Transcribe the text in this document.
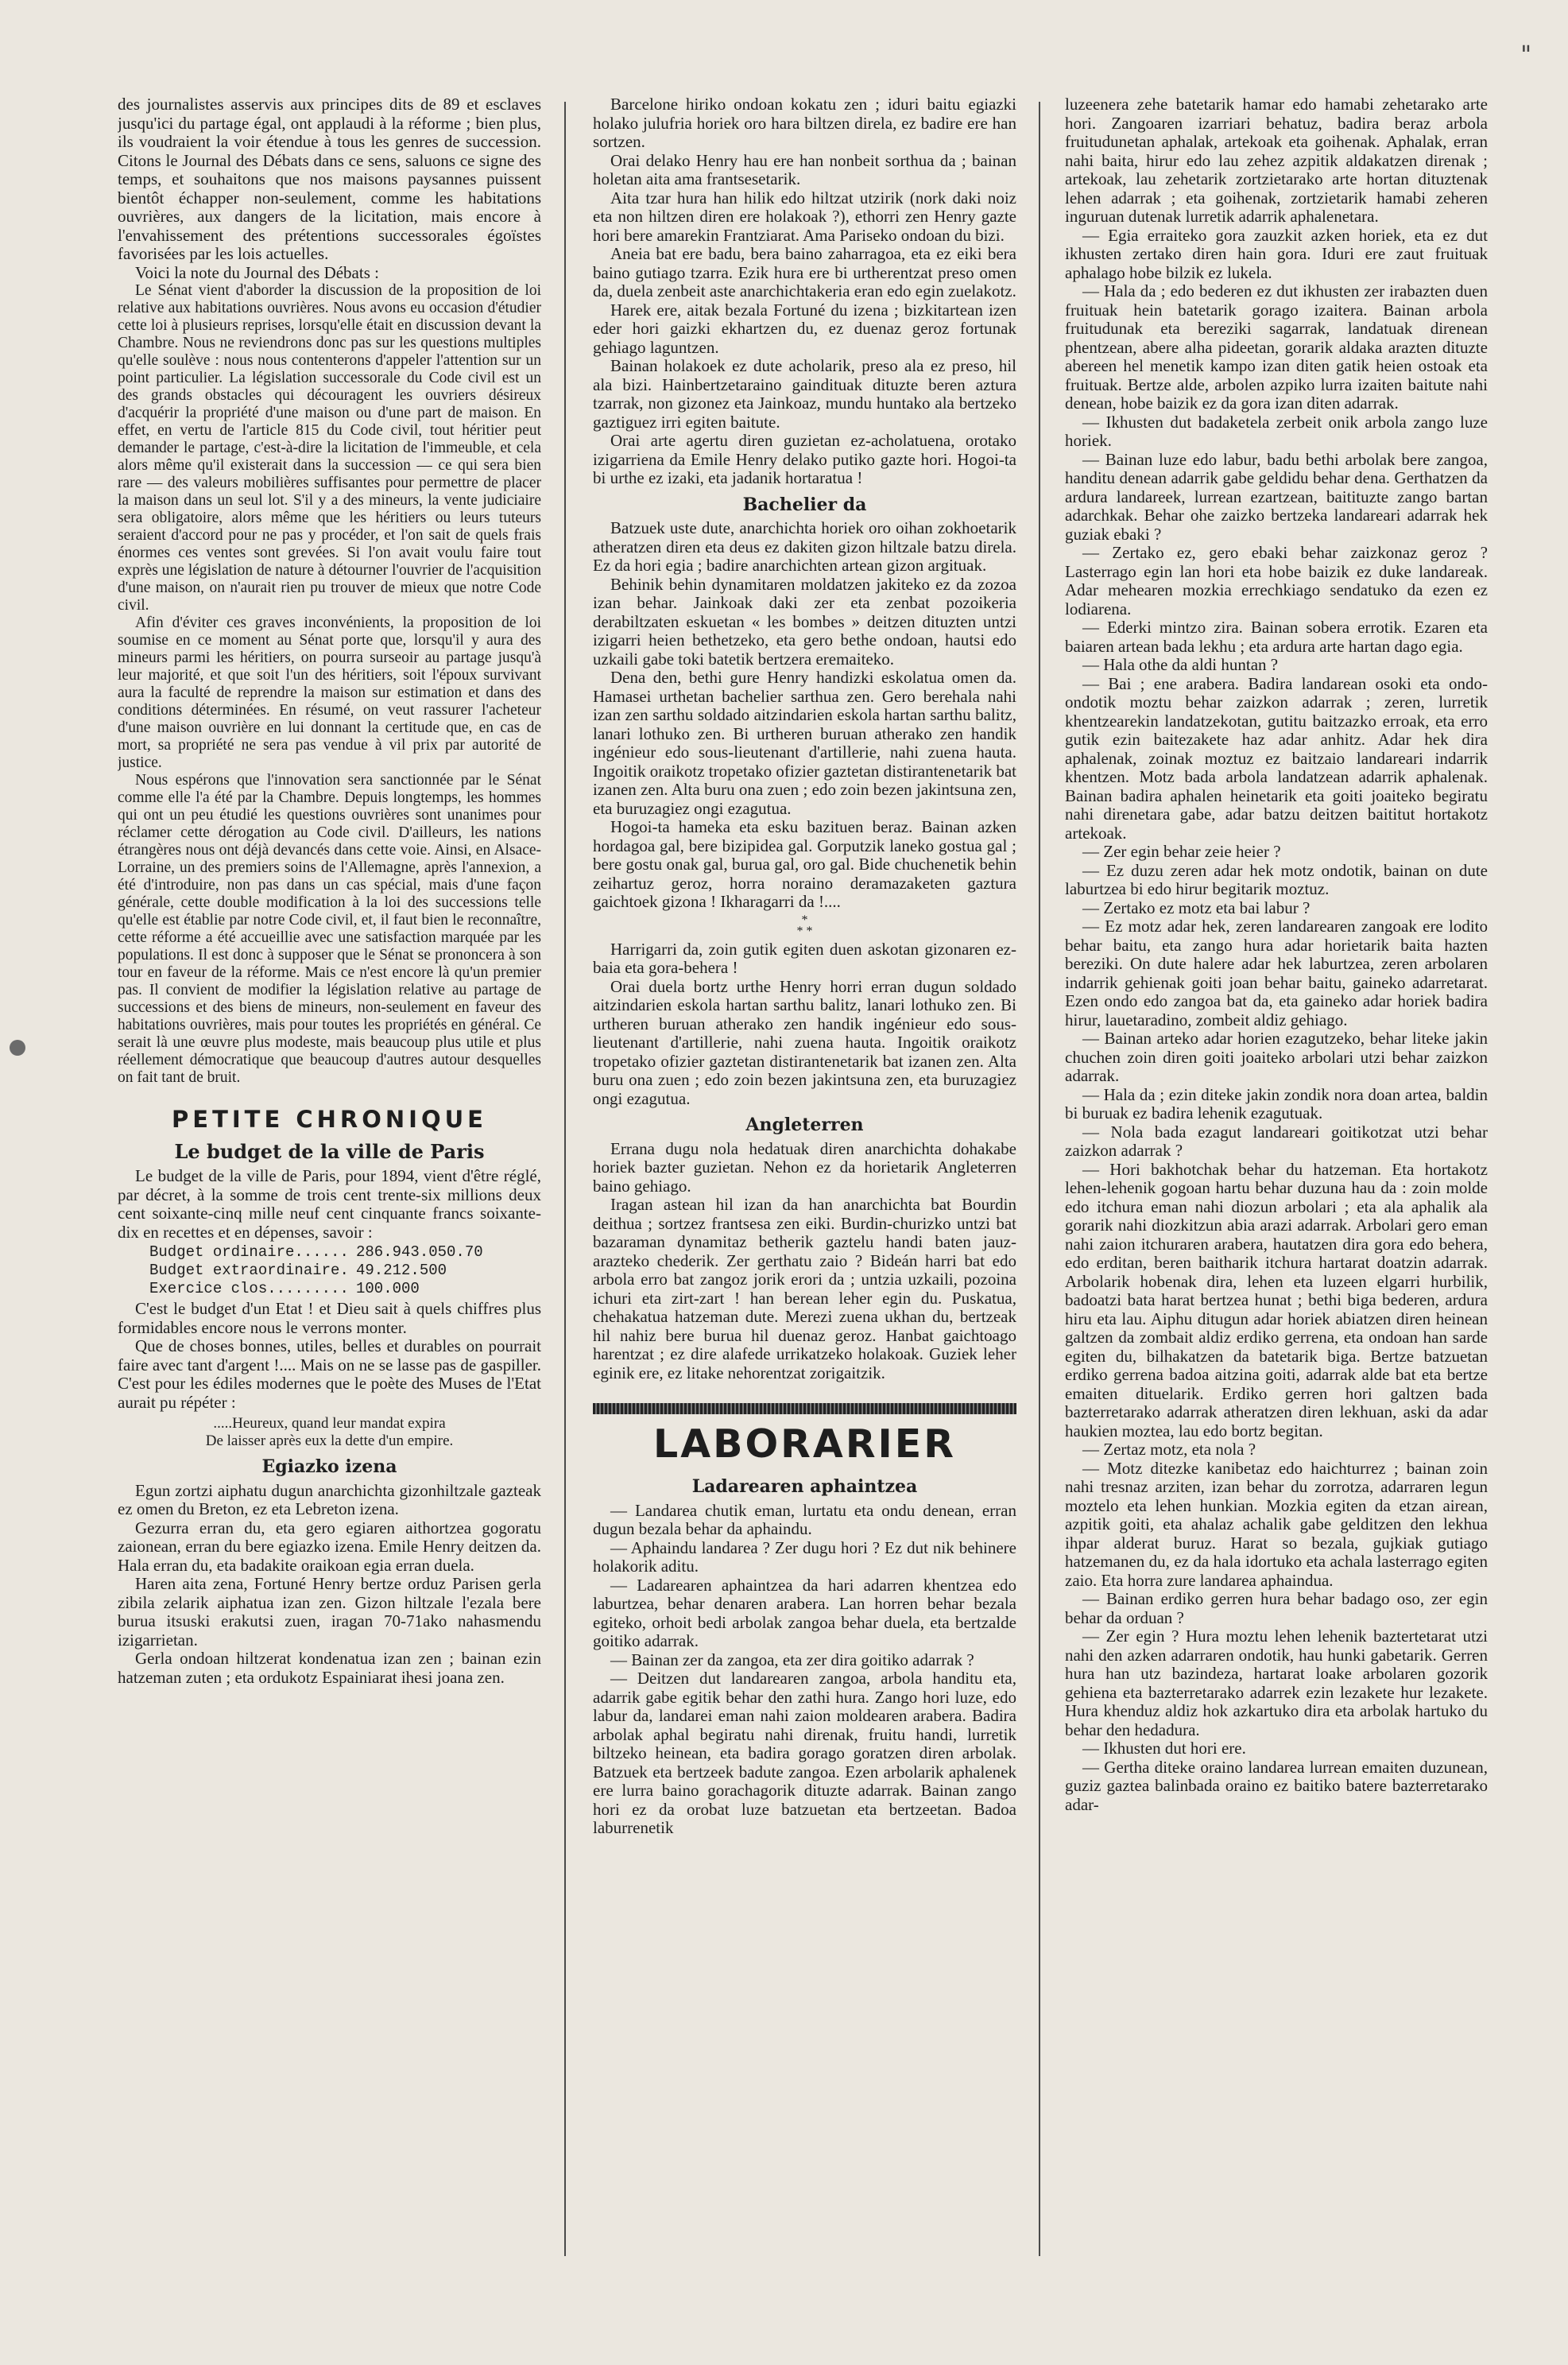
"

des journalistes asservis aux principes dits de 89 et esclaves jusqu'ici du partage égal, ont applaudi à la réforme ; bien plus, ils voudraient la voir étendue à tous les genres de succession. Citons le Journal des Débats dans ce sens, saluons ce signe des temps, et souhaitons que nos maisons paysannes puissent bientôt échapper non-seulement, comme les habitations ouvrières, aux dangers de la licitation, mais encore à l'envahissement des prétentions successorales égoïstes favorisées par les lois actuelles.

Voici la note du Journal des Débats :

Le Sénat vient d'aborder la discussion de la proposition de loi relative aux habitations ouvrières. Nous avons eu occasion d'étudier cette loi à plusieurs reprises, lorsqu'elle était en discussion devant la Chambre. Nous ne reviendrons donc pas sur les questions multiples qu'elle soulève : nous nous contenterons d'appeler l'attention sur un point particulier. La législation successorale du Code civil est un des grands obstacles qui découragent les ouvriers désireux d'acquérir la propriété d'une maison ou d'une part de maison. En effet, en vertu de l'article 815 du Code civil, tout héritier peut demander le partage, c'est-à-dire la licitation de l'immeuble, et cela alors même qu'il existerait dans la succession — ce qui sera bien rare — des valeurs mobilières suffisantes pour permettre de placer la maison dans un seul lot. S'il y a des mineurs, la vente judiciaire sera obligatoire, alors même que les héritiers ou leurs tuteurs seraient d'accord pour ne pas y procéder, et l'on sait de quels frais énormes ces ventes sont grevées. Si l'on avait voulu faire tout exprès une législation de nature à détourner l'ouvrier de l'acquisition d'une maison, on n'aurait rien pu trouver de mieux que notre Code civil.

Afin d'éviter ces graves inconvénients, la proposition de loi soumise en ce moment au Sénat porte que, lorsqu'il y aura des mineurs parmi les héritiers, on pourra surseoir au partage jusqu'à leur majorité, et que soit l'un des héritiers, soit l'époux survivant aura la faculté de reprendre la maison sur estimation et dans des conditions déterminées. En résumé, on veut rassurer l'acheteur d'une maison ouvrière en lui donnant la certitude que, en cas de mort, sa propriété ne sera pas vendue à vil prix par autorité de justice.

Nous espérons que l'innovation sera sanctionnée par le Sénat comme elle l'a été par la Chambre. Depuis longtemps, les hommes qui ont un peu étudié les questions ouvrières sont unanimes pour réclamer cette dérogation au Code civil. D'ailleurs, les nations étrangères nous ont déjà devancés dans cette voie. Ainsi, en Alsace-Lorraine, un des premiers soins de l'Allemagne, après l'annexion, a été d'introduire, non pas dans un cas spécial, mais d'une façon générale, cette double modification à la loi des successions telle qu'elle est établie par notre Code civil, et, il faut bien le reconnaître, cette réforme a été accueillie avec une satisfaction marquée par les populations. Il est donc à supposer que le Sénat se prononcera à son tour en faveur de la réforme. Mais ce n'est encore là qu'un premier pas. Il convient de modifier la législation relative au partage de successions et des biens de mineurs, non-seulement en faveur des habitations ouvrières, mais pour toutes les propriétés en général. Ce serait là une œuvre plus modeste, mais beaucoup plus utile et plus réellement démocratique que beaucoup d'autres autour desquelles on fait tant de bruit.

PETITE CHRONIQUE
Le budget de la ville de Paris

Le budget de la ville de Paris, pour 1894, vient d'être réglé, par décret, à la somme de trois cent trente-six millions deux cent soixante-cinq mille neuf cent cinquante francs soixante-dix en recettes et en dépenses, savoir :

Budget ordinaire...... 286.943.050.70
Budget extraordinaire. 49.212.500
Exercice clos......... 100.000

C'est le budget d'un Etat ! et Dieu sait à quels chiffres plus formidables encore nous le verrons monter.

Que de choses bonnes, utiles, belles et durables on pourrait faire avec tant d'argent !.... Mais on ne se lasse pas de gaspiller. C'est pour les édiles modernes que le poète des Muses de l'Etat aurait pu répéter :

.....Heureux, quand leur mandat expira
De laisser après eux la dette d'un empire.
Egiazko izena

Egun zortzi aiphatu dugun anarchichta gizonhiltzale gazteak ez omen du Breton, ez eta Lebreton izena.

Gezurra erran du, eta gero egiaren aithortzea gogoratu zaionean, erran du bere egiazko izena. Emile Henry deitzen da. Hala erran du, eta badakite oraikoan egia erran duela.

Haren aita zena, Fortuné Henry bertze orduz Parisen gerla zibila zelarik aiphatua izan zen. Gizon hiltzale l'ezala bere burua itsuski erakutsi zuen, iragan 70-71ako nahasmendu izigarrietan.

Gerla ondoan hiltzerat kondenatua izan zen ; bainan ezin hatzeman zuten ; eta ordukotz Espainiarat ihesi joana zen.

Barcelone hiriko ondoan kokatu zen ; iduri baitu egiazki holako julufria horiek oro hara biltzen direla, ez badire ere han sortzen.

Orai delako Henry hau ere han nonbeit sorthua da ; bainan holetan aita ama frantsesetarik.

Aita tzar hura han hilik edo hiltzat utzirik (nork daki noiz eta non hiltzen diren ere holakoak ?), ethorri zen Henry gazte hori bere amarekin Frantziarat. Ama Pariseko ondoan du bizi.

Aneia bat ere badu, bera baino zaharragoa, eta ez eiki bera baino gutiago tzarra. Ezik hura ere bi urtherentzat preso omen da, duela zenbeit aste anarchichtakeria eran edo egin zuelakotz.

Harek ere, aitak bezala Fortuné du izena ; bizkitartean izen eder hori gaizki ekhartzen du, ez duenaz geroz fortunak gehiago laguntzen.

Bainan holakoek ez dute acholarik, preso ala ez preso, hil ala bizi. Hainbertzetaraino gaindituak dituzte beren aztura tzarrak, non gizonez eta Jainkoaz, mundu huntako ala bertzeko gaztiguez irri egiten baitute.

Orai arte agertu diren guzietan ez-acholatuena, orotako izigarriena da Emile Henry delako putiko gazte hori. Hogoi-ta bi urthe ez izaki, eta jadanik hortaratua !

Bachelier da

Batzuek uste dute, anarchichta horiek oro oihan zokhoetarik atheratzen diren eta deus ez dakiten gizon hiltzale batzu direla. Ez da hori egia ; badire anarchichten artean gizon argituak.

Behinik behin dynamitaren moldatzen jakiteko ez da zozoa izan behar. Jainkoak daki zer eta zenbat pozoikeria derabiltzaten eskuetan « les bombes » deitzen dituzten untzi izigarri heien bethetzeko, eta gero bethe ondoan, hautsi edo uzkaili gabe toki batetik bertzera eremaiteko.

Dena den, bethi gure Henry handizki eskolatua omen da. Hamasei urthetan bachelier sarthua zen. Gero berehala nahi izan zen sarthu soldado aitzindarien eskola hartan sarthu balitz, lanari lothuko zen. Bi urtheren buruan atherako zen handik ingénieur edo sous-lieutenant d'artillerie, nahi zuena hauta. Ingoitik oraikotz tropetako ofizier gaztetan distirantenetarik bat izanen zen. Alta buru ona zuen ; edo zoin bezen jakintsuna zen, eta buruzagiez ongi ezagutua.

Hogoi-ta hameka eta esku bazituen beraz. Bainan azken hordagoa gal, bere bizipidea gal. Gorputzik laneko gostua gal ; bere gostu onak gal, burua gal, oro gal. Bide chuchenetik behin zeihartuz geroz, horra noraino deramazaketen gaztura gaichtoek gizona ! Ikharagarri da !....

*
* *

Harrigarri da, zoin gutik egiten duen askotan gizonaren ez-baia eta gora-behera !

Orai duela bortz urthe Henry horri erran dugun soldado aitzindarien eskola hartan sarthu balitz, lanari lothuko zen. Bi urtheren buruan atherako zen handik ingénieur edo sous-lieutenant d'artillerie, nahi zuena hauta. Ingoitik oraikotz tropetako ofizier gaztetan distirantenetarik bat izanen zen. Alta buru ona zuen ; edo zoin bezen jakintsuna zen, eta buruzagiez ongi ezagutua.

Angleterren

Errana dugu nola hedatuak diren anarchichta dohakabe horiek bazter guzietan. Nehon ez da horietarik Angleterren baino gehiago.

Iragan astean hil izan da han anarchichta bat Bourdin deithua ; sortzez frantsesa zen eiki. Burdin-churizko untzi bat bazaraman dynamitaz betherik gaztelu handi baten jauz-arazteko chederik. Zer gerthatu zaio ? Bideán harri bat edo arbola erro bat zangoz jorik erori da ; untzia uzkaili, pozoina ichuri eta zirt-zart ! han berean leher egin du. Puskatua, chehakatua hatzeman dute. Merezi zuena ukhan du, bertzeak hil nahiz bere burua hil duenaz geroz. Hanbat gaichtoago harentzat ; ez dire alafede urrikatzeko holakoak. Guziek leher eginik ere, ez litake nehorentzat zorigaitzik.

LABORARIER
Ladarearen aphaintzea

— Landarea chutik eman, lurtatu eta ondu denean, erran dugun bezala behar da aphaindu.

— Aphaindu landarea ? Zer dugu hori ? Ez dut nik behinere holakorik aditu.

— Ladarearen aphaintzea da hari adarren khentzea edo laburtzea, behar denaren arabera. Lan horren behar bezala egiteko, orhoit bedi arbolak zangoa behar duela, eta bertzalde goitiko adarrak.

— Bainan zer da zangoa, eta zer dira goitiko adarrak ?

— Deitzen dut landarearen zangoa, arbola handitu eta, adarrik gabe egitik behar den zathi hura. Zango hori luze, edo labur da, landarei eman nahi zaion moldearen arabera. Badira arbolak aphal begiratu nahi direnak, fruitu handi, lurretik biltzeko heinean, eta badira gorago goratzen diren arbolak. Batzuek eta bertzeek badute zangoa. Ezen arbolarik aphalenek ere lurra baino gorachagorik dituzte adarrak. Bainan zango hori ez da orobat luze batzuetan eta bertzeetan. Badoa laburrenetik

luzeenera zehe batetarik hamar edo hamabi zehetarako arte hori. Zangoaren izarriari behatuz, badira beraz arbola fruitudunetan aphalak, artekoak eta goihenak. Aphalak, erran nahi baita, hirur edo lau zehez azpitik aldakatzen direnak ; artekoak, lau zehetarik zortzietarako arte hortan dituztenak lehen adarrak ; eta goihenak, zortzietarik hamabi zeheren inguruan dutenak lurretik adarrik aphalenetara.

— Egia erraiteko gora zauzkit azken horiek, eta ez dut ikhusten zertako diren hain gora. Iduri ere zaut fruituak aphalago hobe bilzik ez lukela.

— Hala da ; edo bederen ez dut ikhusten zer irabazten duen fruituak hein batetarik gorago izaitera. Bainan arbola fruitudunak eta bereziki sagarrak, landatuak direnean phentzean, abere alha pideetan, gorarik aldaka arazten dituzte abereen hel menetik kampo izan diten gatik heien ostoak eta fruituak. Bertze alde, arbolen azpiko lurra izaiten baitute nahi denean, hobe baizik ez da gora izan diten adarrak.

— Ikhusten dut badaketela zerbeit onik arbola zango luze horiek.

— Bainan luze edo labur, badu bethi arbolak bere zangoa, handitu denean adarrik gabe geldidu behar dena. Gerthatzen da ardura landareek, lurrean ezartzean, baitituzte zango bartan adarchkak. Behar ohe zaizko bertzeka landareari adarrak hek guziak ebaki ?

— Zertako ez, gero ebaki behar zaizkonaz geroz ? Lasterrago egin lan hori eta hobe baizik ez duke landareak. Adar mehearen mozkia errechkiago sendatuko da ezen ez lodiarena.

— Ederki mintzo zira. Bainan sobera errotik. Ezaren eta baiaren artean bada lekhu ; eta ardura arte hartan dago egia.

— Hala othe da aldi huntan ?

— Bai ; ene arabera. Badira landarean osoki eta ondo-ondotik moztu behar zaizkon adarrak ; zeren, lurretik khentzearekin landatzekotan, gutitu baitzazko erroak, eta erro gutik ezin baitezakete haz adar anhitz. Adar hek dira aphalenak, zoinak moztuz ez baitzaio landareari indarrik khentzen. Motz bada arbola landatzean adarrik aphalenak. Bainan badira aphalen heinetarik eta goiti joaiteko begiratu nahi direnetara gabe, adar batzu deitzen baititut hortakotz artekoak.

— Zer egin behar zeie heier ?

— Ez duzu zeren adar hek motz ondotik, bainan on dute laburtzea bi edo hirur begitarik moztuz.

— Zertako ez motz eta bai labur ?

— Ez motz adar hek, zeren landarearen zangoak ere lodito behar baitu, eta zango hura adar horietarik baita hazten bereziki. On dute halere adar hek laburtzea, zeren arbolaren indarrik gehienak goiti joan behar baitu, gaineko adarretarat. Ezen ondo edo zangoa bat da, eta gaineko adar horiek badira hirur, lauetaradino, zombeit aldiz gehiago.

— Bainan arteko adar horien ezagutzeko, behar liteke jakin chuchen zoin diren goiti joaiteko arbolari utzi behar zaizkon adarrak.

— Hala da ; ezin diteke jakin zondik nora doan artea, baldin bi buruak ez badira lehenik ezagutuak.

— Nola bada ezagut landareari goitikotzat utzi behar zaizkon adarrak ?

— Hori bakhotchak behar du hatzeman. Eta hortakotz lehen-lehenik gogoan hartu behar duzuna hau da : zoin molde edo itchura eman nahi diozun arbolari ; eta ala aphalik ala gorarik nahi diozkitzun abia arazi adarrak. Arbolari gero eman nahi zaion itchuraren arabera, hautatzen dira gora edo behera, edo erditan, beren baitharik itchura hartarat doatzin adarrak. Arbolarik hobenak dira, lehen eta luzeen elgarri hurbilik, badoatzi bata harat bertzea hunat ; bethi biga bederen, ardura hiru eta lau. Aiphu ditugun adar horiek abiatzen diren heinean galtzen da zombait aldiz erdiko gerrena, eta ondoan han sarde egiten du, bilhakatzen da batetarik biga. Bertze batzuetan erdiko gerrena badoa aitzina goiti, adarrak alde bat eta bertze emaiten dituelarik. Erdiko gerren hori galtzen bada bazterretarako adarrak atheratzen diren lekhuan, aski da adar haukien moztea, lau edo bortz begitan.

— Zertaz motz, eta nola ?

— Motz ditezke kanibetaz edo haichturrez ; bainan zoin nahi tresnaz arziten, izan behar du zorrotza, adarraren legun moztelo eta lehen hunkian. Mozkia egiten da etzan airean, azpitik goiti, eta ahalaz achalik gabe gelditzen den lekhua ihpar alderat buruz. Harat so bezala, gujkiak gutiago hatzemanen du, ez da hala idortuko eta achala lasterrago egiten zaio. Eta horra zure landarea aphaindua.

— Bainan erdiko gerren hura behar badago oso, zer egin behar da orduan ?

— Zer egin ? Hura moztu lehen lehenik baztertetarat utzi nahi den azken adarraren ondotik, hau hunki gabetarik. Gerren hura han utz bazindeza, hartarat loake arbolaren gozorik gehiena eta bazterretarako adarrek ezin lezakete hur lezakete. Hura khenduz aldiz hok azkartuko dira eta arbolak hartuko du behar den hedadura.

— Ikhusten dut hori ere.

— Gertha diteke oraino landarea lurrean emaiten duzunean, guziz gaztea balinbada oraino ez baitiko batere bazterretarako adar-
